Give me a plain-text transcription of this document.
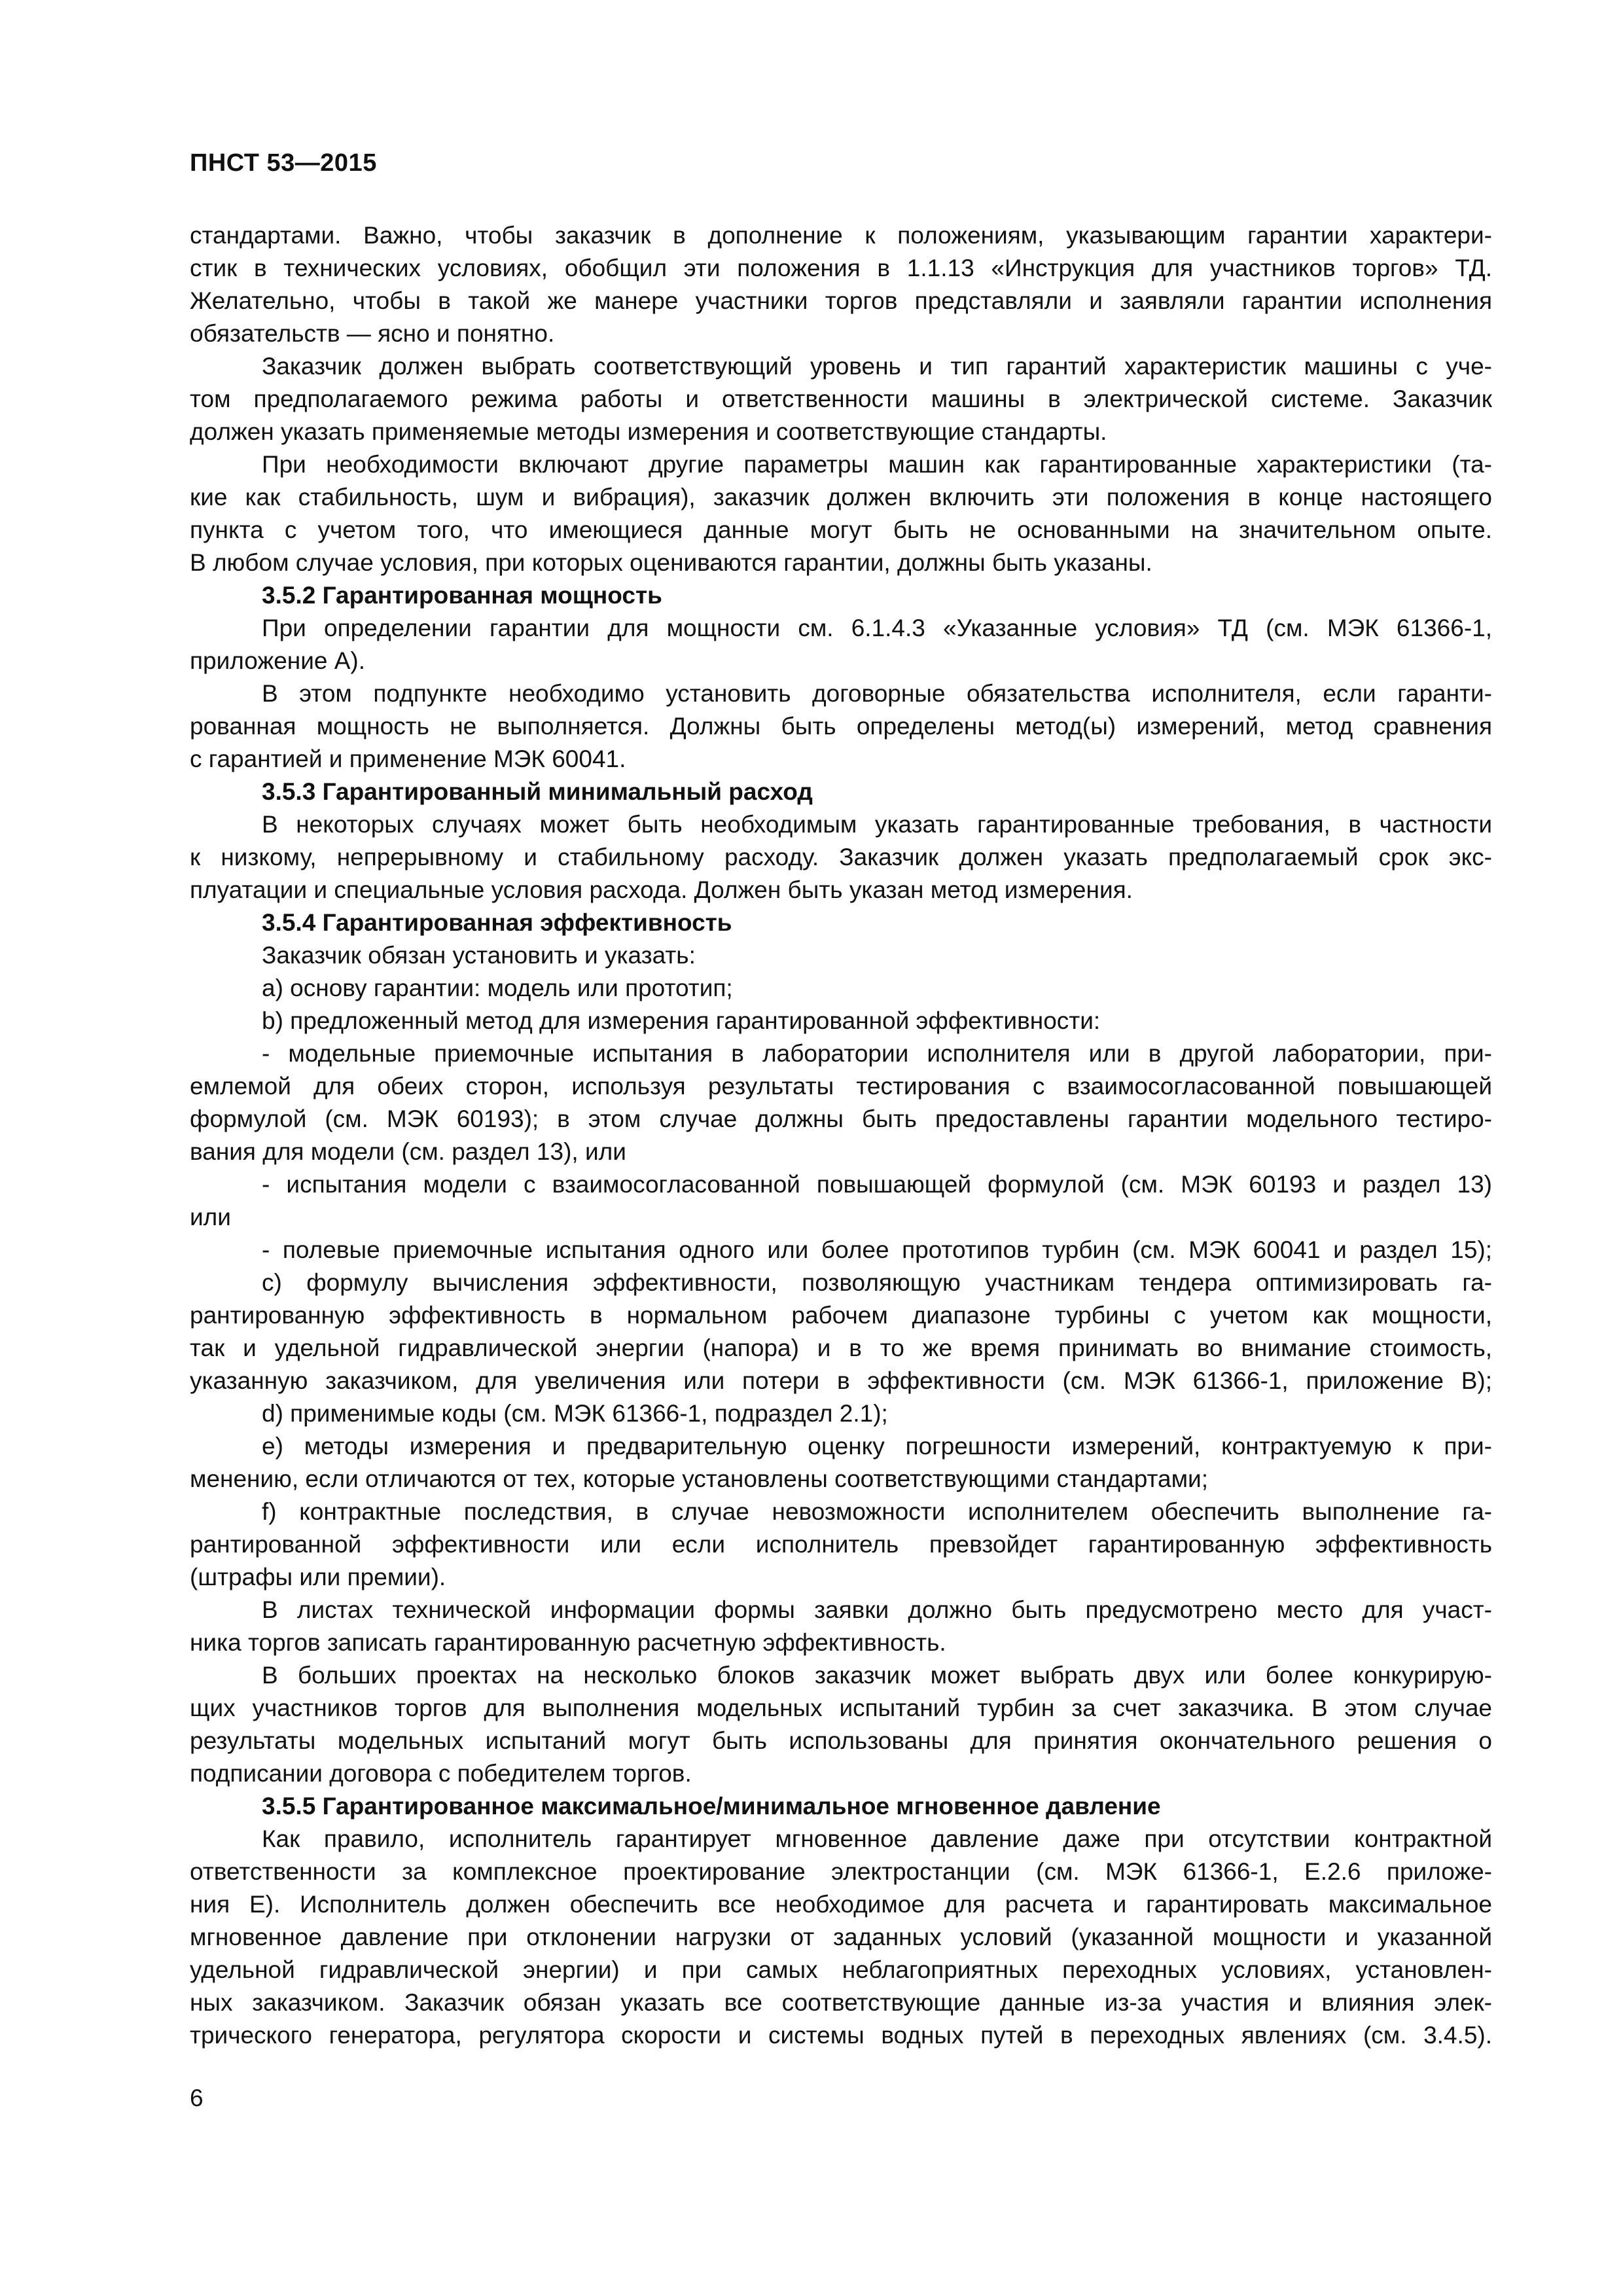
ПНСТ 53—2015
стандартами. Важно, чтобы заказчик в дополнение к положениям, указывающим гарантии характери-
стик в технических условиях, обобщил эти положения в 1.1.13 «Инструкция для участников торгов» ТД.
Желательно, чтобы в такой же манере участники торгов представляли и заявляли гарантии исполнения
обязательств — ясно и понятно.
Заказчик должен выбрать соответствующий уровень и тип гарантий характеристик машины с уче-
том предполагаемого режима работы и ответственности машины в электрической системе. Заказчик
должен указать применяемые методы измерения и соответствующие стандарты.
При необходимости включают другие параметры машин как гарантированные характеристики (та-
кие как стабильность, шум и вибрация), заказчик должен включить эти положения в конце настоящего
пункта с учетом того, что имеющиеся данные могут быть не основанными на значительном опыте.
В любом случае условия, при которых оцениваются гарантии, должны быть указаны.
3.5.2 Гарантированная мощность
При определении гарантии для мощности см. 6.1.4.3 «Указанные условия» ТД (см. МЭК 61366-1,
приложение А).
В этом подпункте необходимо установить договорные обязательства исполнителя, если гаранти-
рованная мощность не выполняется. Должны быть определены метод(ы) измерений, метод сравнения
с гарантией и применение МЭК 60041.
3.5.3 Гарантированный минимальный расход
В некоторых случаях может быть необходимым указать гарантированные требования, в частности
к низкому, непрерывному и стабильному расходу. Заказчик должен указать предполагаемый срок экс-
плуатации и специальные условия расхода. Должен быть указан метод измерения.
3.5.4 Гарантированная эффективность
Заказчик обязан установить и указать:
а) основу гарантии: модель или прототип;
b) предложенный метод для измерения гарантированной эффективности:
- модельные приемочные испытания в лаборатории исполнителя или в другой лаборатории, при-
емлемой для обеих сторон, используя результаты тестирования с взаимосогласованной повышающей
формулой (см. МЭК 60193); в этом случае должны быть предоставлены гарантии модельного тестиро-
вания для модели (см. раздел 13), или
- испытания модели с взаимосогласованной повышающей формулой (см. МЭК 60193 и раздел 13)
или
- полевые приемочные испытания одного или более прототипов турбин (см. МЭК 60041 и раздел 15);
с) формулу вычисления эффективности, позволяющую участникам тендера оптимизировать га-
рантированную эффективность в нормальном рабочем диапазоне турбины с учетом как мощности,
так и удельной гидравлической энергии (напора) и в то же время принимать во внимание стоимость,
указанную заказчиком, для увеличения или потери в эффективности (см. МЭК 61366-1, приложение В);
d) применимые коды (см. МЭК 61366-1, подраздел 2.1);
е) методы измерения и предварительную оценку погрешности измерений, контрактуемую к при-
менению, если отличаются от тех, которые установлены соответствующими стандартами;
f) контрактные последствия, в случае невозможности исполнителем обеспечить выполнение га-
рантированной эффективности или если исполнитель превзойдет гарантированную эффективность
(штрафы или премии).
В листах технической информации формы заявки должно быть предусмотрено место для участ-
ника торгов записать гарантированную расчетную эффективность.
В больших проектах на несколько блоков заказчик может выбрать двух или более конкурирую-
щих участников торгов для выполнения модельных испытаний турбин за счет заказчика. В этом случае
результаты модельных испытаний могут быть использованы для принятия окончательного решения о
подписании договора с победителем торгов.
3.5.5 Гарантированное максимальное/минимальное мгновенное давление
Как правило, исполнитель гарантирует мгновенное давление даже при отсутствии контрактной
ответственности за комплексное проектирование электростанции (см. МЭК 61366-1, Е.2.6 приложе-
ния Е). Исполнитель должен обеспечить все необходимое для расчета и гарантировать максимальное
мгновенное давление при отклонении нагрузки от заданных условий (указанной мощности и указанной
удельной гидравлической энергии) и при самых неблагоприятных переходных условиях, установлен-
ных заказчиком. Заказчик обязан указать все соответствующие данные из-за участия и влияния элек-
трического генератора, регулятора скорости и системы водных путей в переходных явлениях (см. 3.4.5).
6
